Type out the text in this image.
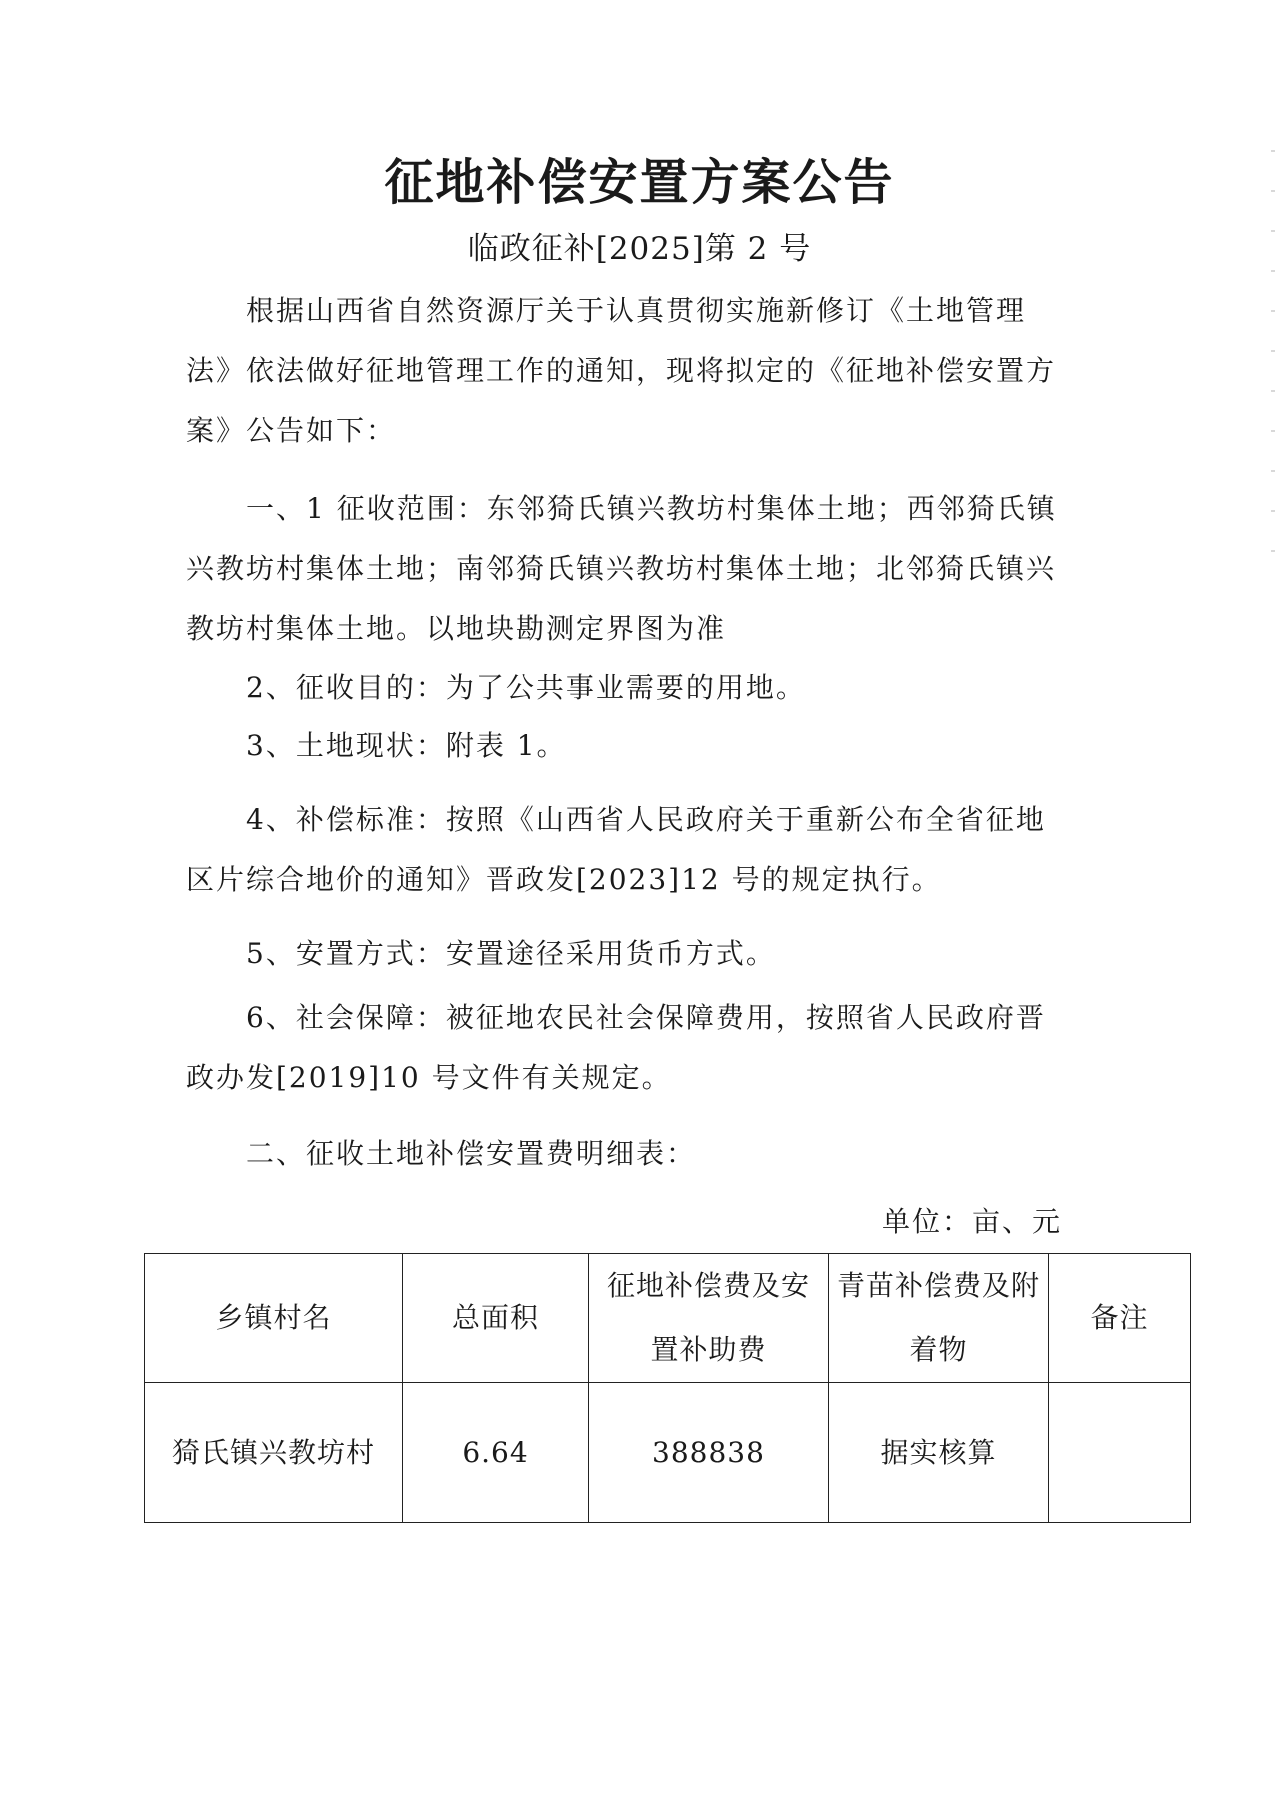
征地补偿安置方案公告
临政征补[2025]第 2 号

根据山西省自然资源厅关于认真贯彻实施新修订《土地管理法》依法做好征地管理工作的通知，现将拟定的《征地补偿安置方案》公告如下：

一、1 征收范围：东邻猗氏镇兴教坊村集体土地；西邻猗氏镇兴教坊村集体土地；南邻猗氏镇兴教坊村集体土地；北邻猗氏镇兴教坊村集体土地。以地块勘测定界图为准

2、征收目的：为了公共事业需要的用地。

3、土地现状：附表 1。

4、补偿标准：按照《山西省人民政府关于重新公布全省征地区片综合地价的通知》晋政发[2023]12 号的规定执行。

5、安置方式：安置途径采用货币方式。

6、社会保障：被征地农民社会保障费用，按照省人民政府晋政办发[2019]10 号文件有关规定。

二、征收土地补偿安置费明细表：

单位：亩、元
乡镇村名	总面积	征地补偿费及安置补助费	青苗补偿费及附着物	备注
猗氏镇兴教坊村	6.64	388838	据实核算	
